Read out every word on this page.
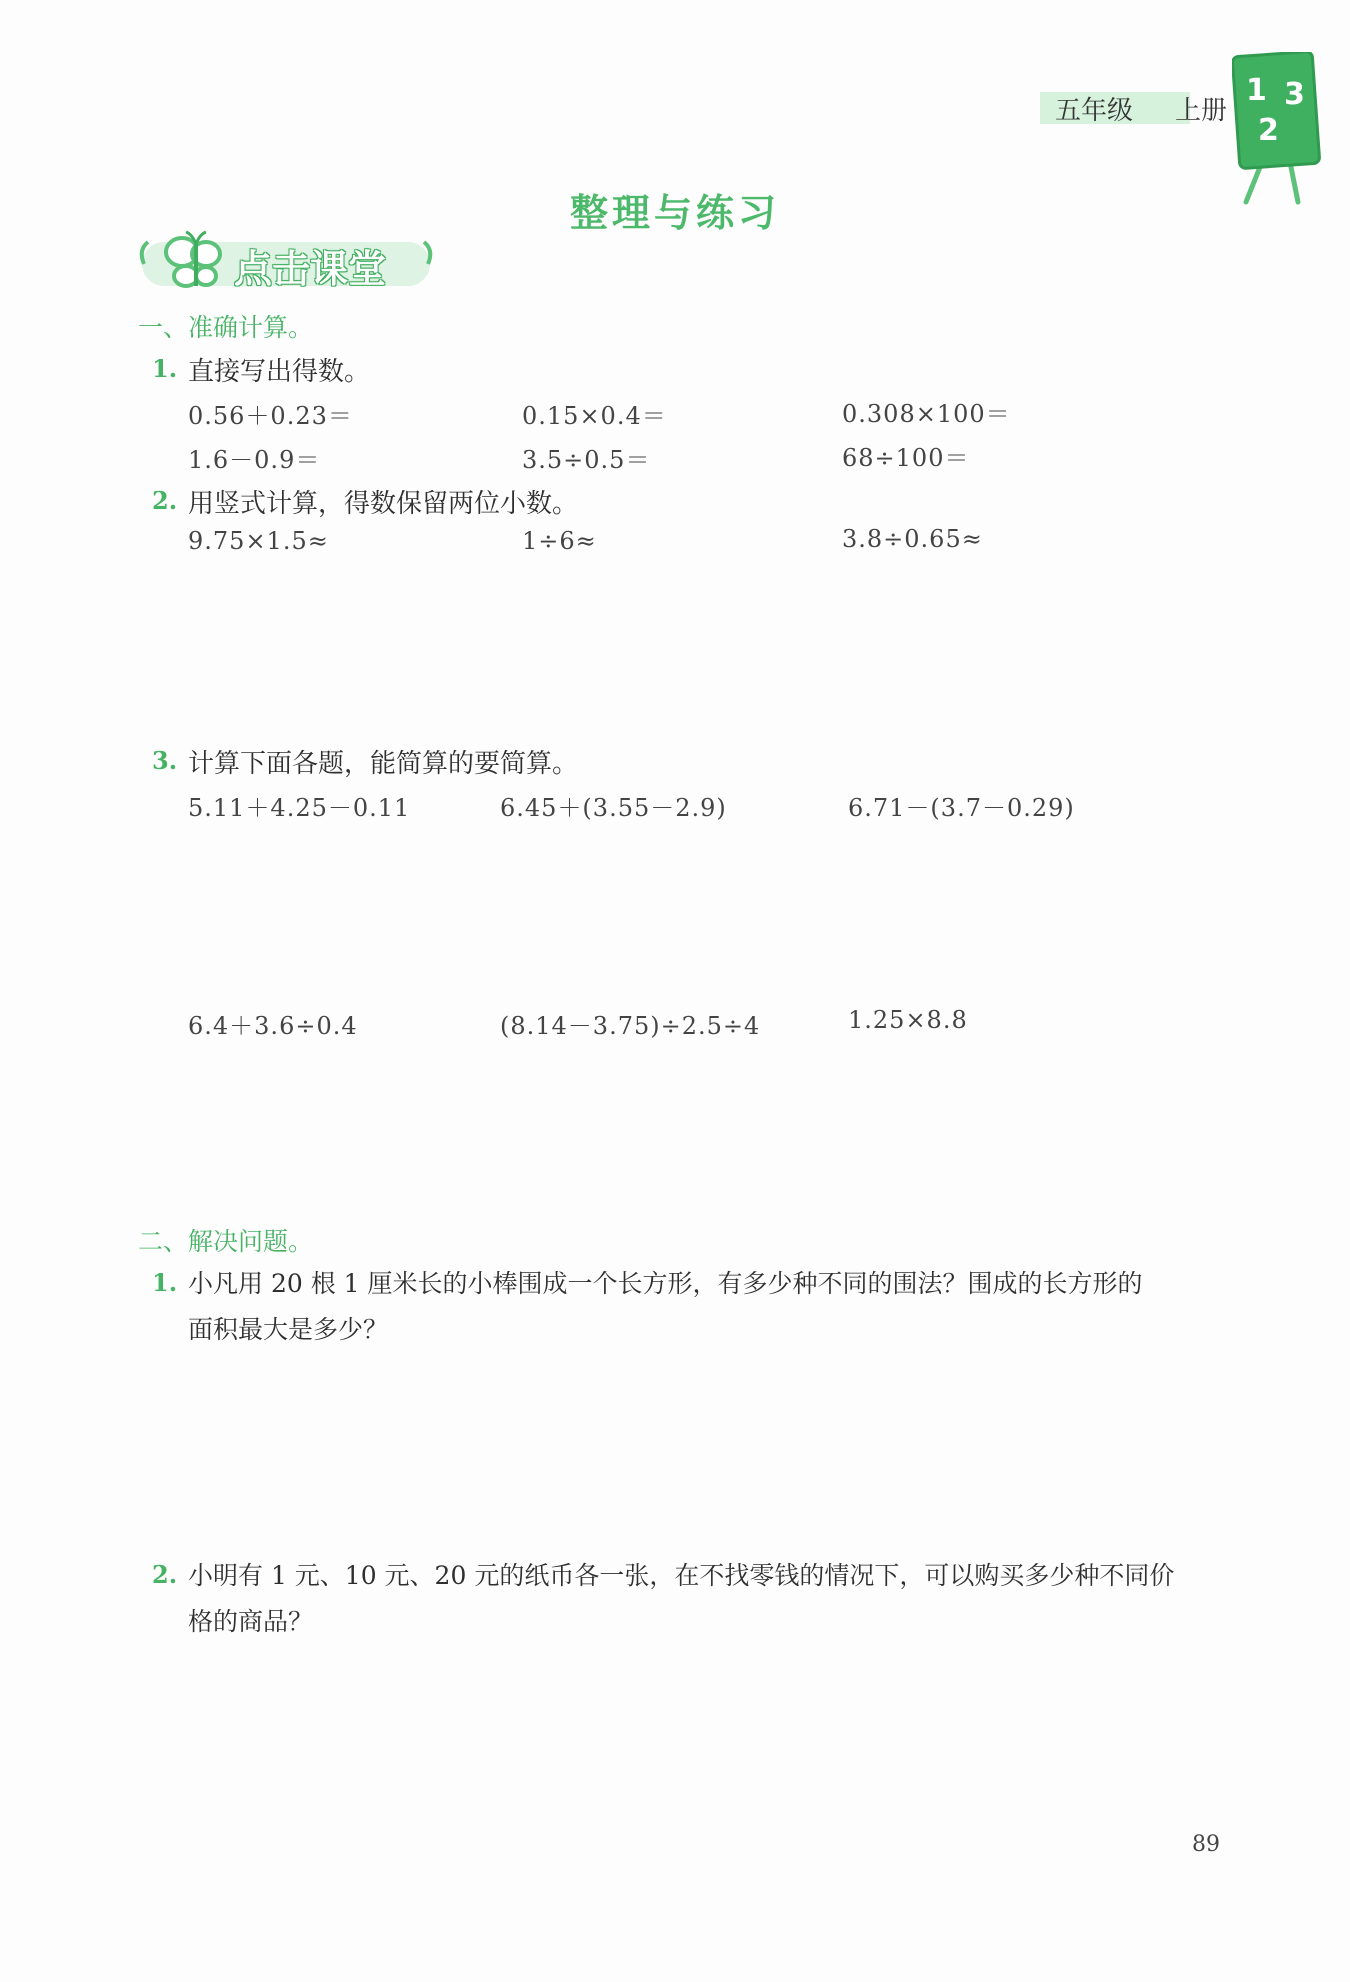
五年级 上册
1 3
2
整理与练习
点击课堂
一、准确计算。
1. 直接写出得数。
0.56＋0.23＝	0.15×0.4＝	0.308×100＝
1.6－0.9＝	3.5÷0.5＝	68÷100＝
2. 用竖式计算，得数保留两位小数。
9.75×1.5≈	1÷6≈	3.8÷0.65≈
3. 计算下面各题，能简算的要简算。
5.11＋4.25－0.11	6.45＋(3.55－2.9)	6.71－(3.7－0.29)
6.4＋3.6÷0.4	(8.14－3.75)÷2.5÷4	1.25×8.8
二、解决问题。
1. 小凡用 20 根 1 厘米长的小棒围成一个长方形，有多少种不同的围法？围成的长方形的
面积最大是多少？
2. 小明有 1 元、10 元、20 元的纸币各一张，在不找零钱的情况下，可以购买多少种不同价
格的商品？
89
